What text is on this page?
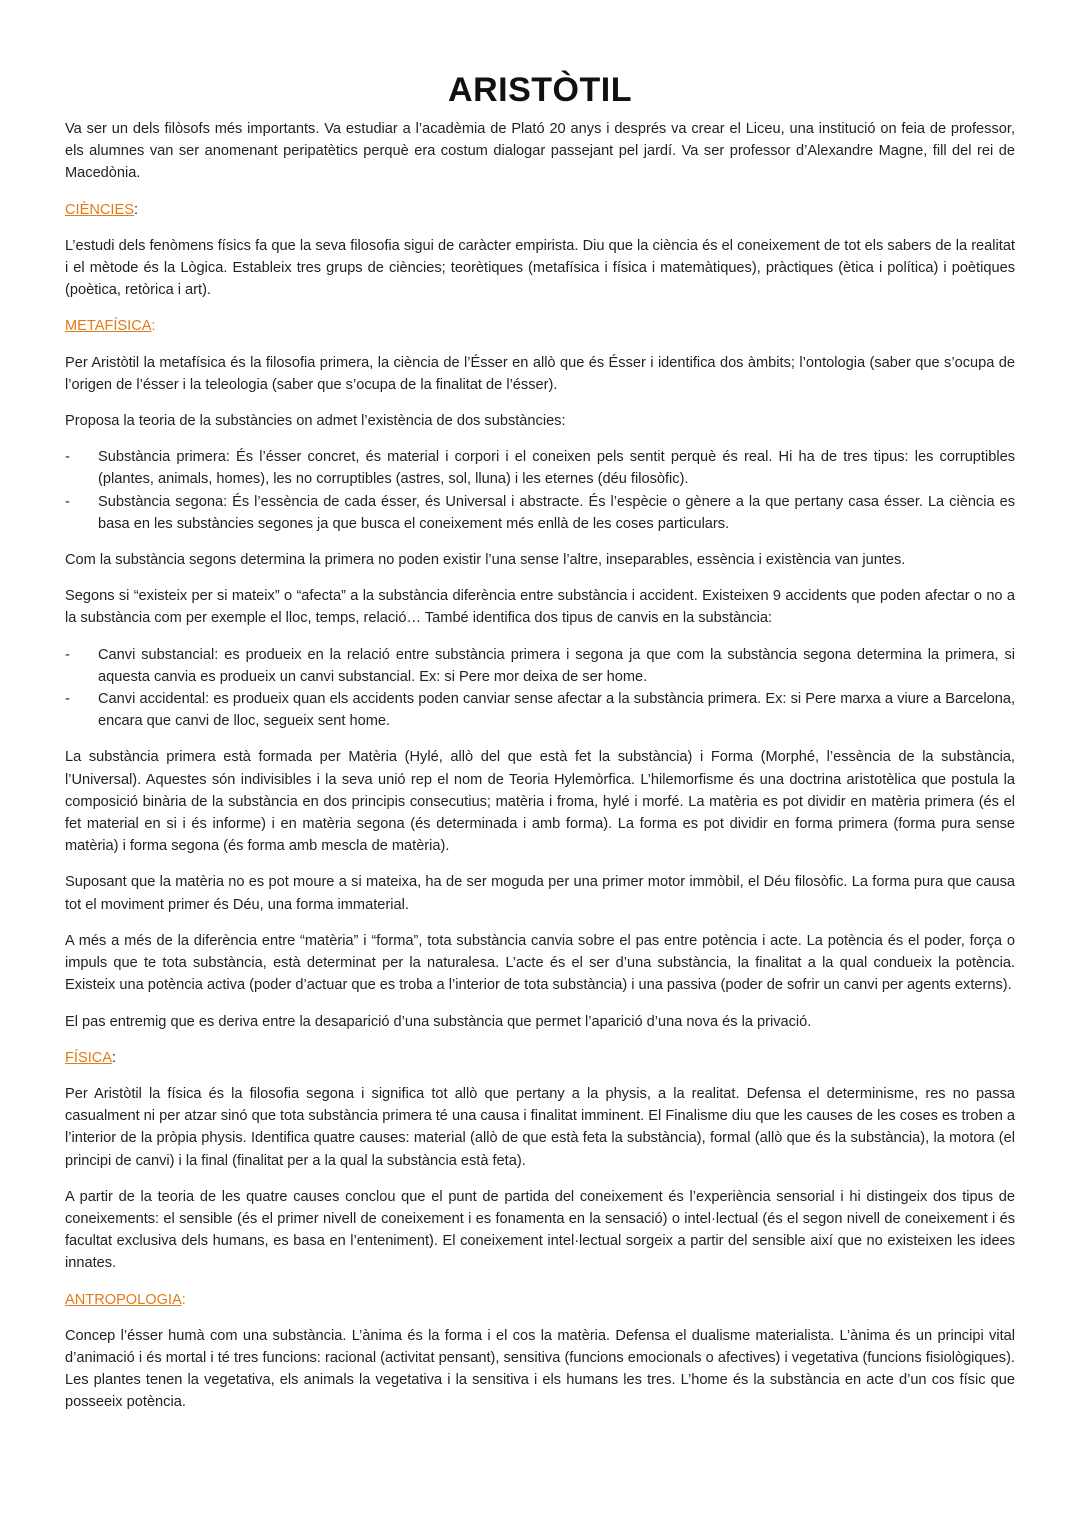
ARISTÒTIL

Va ser un dels filòsofs més importants. Va estudiar a l’acadèmia de Plató 20 anys i després va crear el Liceu, una institució on feia de professor, els alumnes van ser anomenant peripatètics perquè era costum dialogar passejant pel jardí. Va ser professor d’Alexandre Magne, fill del rei de Macedònia.

CIÈNCIES:

L’estudi dels fenòmens físics fa que la seva filosofia sigui de caràcter empirista. Diu que la ciència és el coneixement de tot els sabers de la realitat i el mètode és la Lògica. Estableix tres grups de ciències; teorètiques (metafísica i física i matemàtiques), pràctiques (ètica i política) i poètiques (poètica, retòrica i art).

METAFÍSICA:

Per Aristòtil la metafísica és la filosofia primera, la ciència de l’Ésser en allò que és Ésser i identifica dos àmbits; l’ontologia (saber que s’ocupa de l’origen de l’ésser i la teleologia (saber que s’ocupa de la finalitat de l’ésser).

Proposa la teoria de la substàncies on admet l’existència de dos substàncies:

- Substància primera: És l’ésser concret, és material i corpori i el coneixen pels sentit perquè és real. Hi ha de tres tipus: les corruptibles (plantes, animals, homes), les no corruptibles (astres, sol, lluna) i les eternes (déu filosòfic).
- Substància segona: És l’essència de cada ésser, és Universal i abstracte. És l’espècie o gènere a la que pertany casa ésser. La ciència es basa en les substàncies segones ja que busca el coneixement més enllà de les coses particulars.

Com la substància segons determina la primera no poden existir l’una sense l’altre, inseparables, essència i existència van juntes.

Segons si “existeix per si mateix” o “afecta” a la substància diferència entre substància i accident. Existeixen 9 accidents que poden afectar o no a la substància com per exemple el lloc, temps, relació… També identifica dos tipus de canvis en la substància:

- Canvi substancial: es produeix en la relació entre substància primera i segona ja que com la substància segona determina la primera, si aquesta canvia es produeix un canvi substancial. Ex: si Pere mor deixa de ser home.
- Canvi accidental: es produeix quan els accidents poden canviar sense afectar a la substància primera. Ex: si Pere marxa a viure a Barcelona, encara que canvi de lloc, segueix sent home.

La substància primera està formada per Matèria (Hylé, allò del que està fet la substància) i Forma (Morphé, l’essència de la substància, l’Universal). Aquestes són indivisibles i la seva unió rep el nom de Teoria Hylemòrfica. L’hilemorfisme és una doctrina aristotèlica que postula la composició binària de la substància en dos principis consecutius; matèria i froma, hylé i morfé. La matèria es pot dividir en matèria primera (és el fet material en si i és informe) i en matèria segona (és determinada i amb forma). La forma es pot dividir en forma primera (forma pura sense matèria) i forma segona (és forma amb mescla de matèria).

Suposant que la matèria no es pot moure a si mateixa, ha de ser moguda per una primer motor immòbil, el Déu filosòfic. La forma pura que causa tot el moviment primer és Déu, una forma immaterial.

A més a més de la diferència entre “matèria” i “forma”, tota substància canvia sobre el pas entre potència i acte. La potència és el poder, força o impuls que te tota substància, està determinat per la naturalesa. L’acte és el ser d’una substància, la finalitat a la qual condueix la potència. Existeix una potència activa (poder d’actuar que es troba a l’interior de tota substància) i una passiva (poder de sofrir un canvi per agents externs).

El pas entremig que es deriva entre la desaparició d’una substància que permet l’aparició d’una nova és la privació.

FÍSICA:

Per Aristòtil la física és la filosofia segona i significa tot allò que pertany a la physis, a la realitat. Defensa el determinisme, res no passa casualment ni per atzar sinó que tota substància primera té una causa i finalitat imminent. El Finalisme diu que les causes de les coses es troben a l’interior de la pròpia physis. Identifica quatre causes: material (allò de que està feta la substància), formal (allò que és la substància), la motora (el principi de canvi) i la final (finalitat per a la qual la substància està feta).

A partir de la teoria de les quatre causes conclou que el punt de partida del coneixement és l’experiència sensorial i hi distingeix dos tipus de coneixements: el sensible (és el primer nivell de coneixement i es fonamenta en la sensació) o intel·lectual (és el segon nivell de coneixement i és facultat exclusiva dels humans, es basa en l’enteniment). El coneixement intel·lectual sorgeix a partir del sensible així que no existeixen les idees innates.

ANTROPOLOGIA:

Concep l’ésser humà com una substància. L’ànima és la forma i el cos la matèria. Defensa el dualisme materialista. L’ànima és un principi vital d’animació i és mortal i té tres funcions: racional (activitat pensant), sensitiva (funcions emocionals o afectives) i vegetativa (funcions fisiològiques). Les plantes tenen la vegetativa, els animals la vegetativa i la sensitiva i els humans les tres. L’home és la substància en acte d’un cos físic que posseeix potència.
